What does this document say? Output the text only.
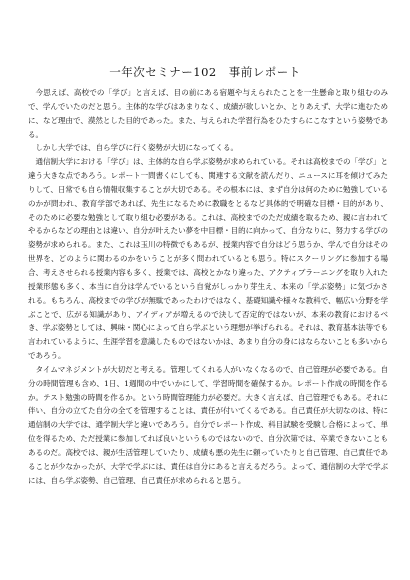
一年次セミナー102　事前レポート

今思えば、高校での「学び」と言えば、目の前にある宿題や与えられたことを一生懸命と取り組むのみで、学んでいたのだと思う。主体的な学びはあまりなく、成績が欲しいとか、とりあえず、大学に進むために、など理由で、漠然とした目的であった。また、与えられた学習行為をひたすらにこなすという姿勢である。

しかし大学では、自ら学びに行く姿勢が大切になってくる。

通信制大学における「学び」は、主体的な自ら学ぶ姿勢が求められている。それは高校までの「学び」と違う大きな点であろう。レポート一問書くにしても、関連する文献を読んだり、ニュースに耳を傾けてみたりして、日常でも自ら情報収集することが大切である。その根本には、まず自分は何のために勉強しているのかが問われ、教育学部であれば、先生になるために教職をとるなど具体的で明確な目標・目的があり、そのために必要な勉強として取り組む必要がある。これは、高校までのただ成績を取るため、親に言われてやるからなどの理由とは違い、自分が叶えたい夢を中目標・目的に向かって、自分なりに、努力する学びの姿勢が求められる。また、これは玉川の特徴でもあるが、授業内容で自分はどう思うか、学んで自分はその世界を、どのように関わるのかをいうことが多く問われているとも思う。特にスクーリングに参加する場合、考えさせられる授業内容も多く、授業では、高校とかなり違った、アクティブラーニングを取り入れた授業形態も多く、本当に自分は学んでいるという自覚がしっかり芽生え、本来の「学ぶ姿勢」に気づかされる。もちろん、高校までの学びが無駄であったわけではなく、基礎知識や様々な教科で、幅広い分野を学ぶことで、広がる知識があり、アイディアが増えるので決して否定的ではないが、本来の教育におけるべき、学ぶ姿勢としては、興味・関心によって自ら学ぶという理想が挙げられる。それは、教育基本法等でも言われているように、生涯学習を意識したものではないかは、あまり自分の身にはならないことも多いからであろう。

タイムマネジメントが大切だと考える。管理してくれる人がいなくなるので、自己管理が必要である。自分の時間管理も含め、1日、1週間の中でいかにして、学習時間を確保するか。レポート作成の時間を作るか。テスト勉強の時間を作るか。という時間管理能力が必要だ。大きく言えば、自己管理でもある。それに伴い、自分の立てた自分の全てを管理することは、責任が付いてくるである。自己責任が大切なのは、特に通信制の大学では、通学制大学と違いであろう。自分でレポート作成、科目試験を受験し合格によって、単位を得るため、ただ授業に参加してれば良いというものではないので、自分次第では、卒業できないこともあるのだ。高校では、親が生活管理していたり、成績も悪の先生に頼っていたりと自己管理、自己責任であることが少なかったが、大学で学ぶには、責任は自分にあると言えるだろう。よって、通信制の大学で学ぶには、自ら学ぶ姿勢、自己管理、自己責任が求められると思う。
